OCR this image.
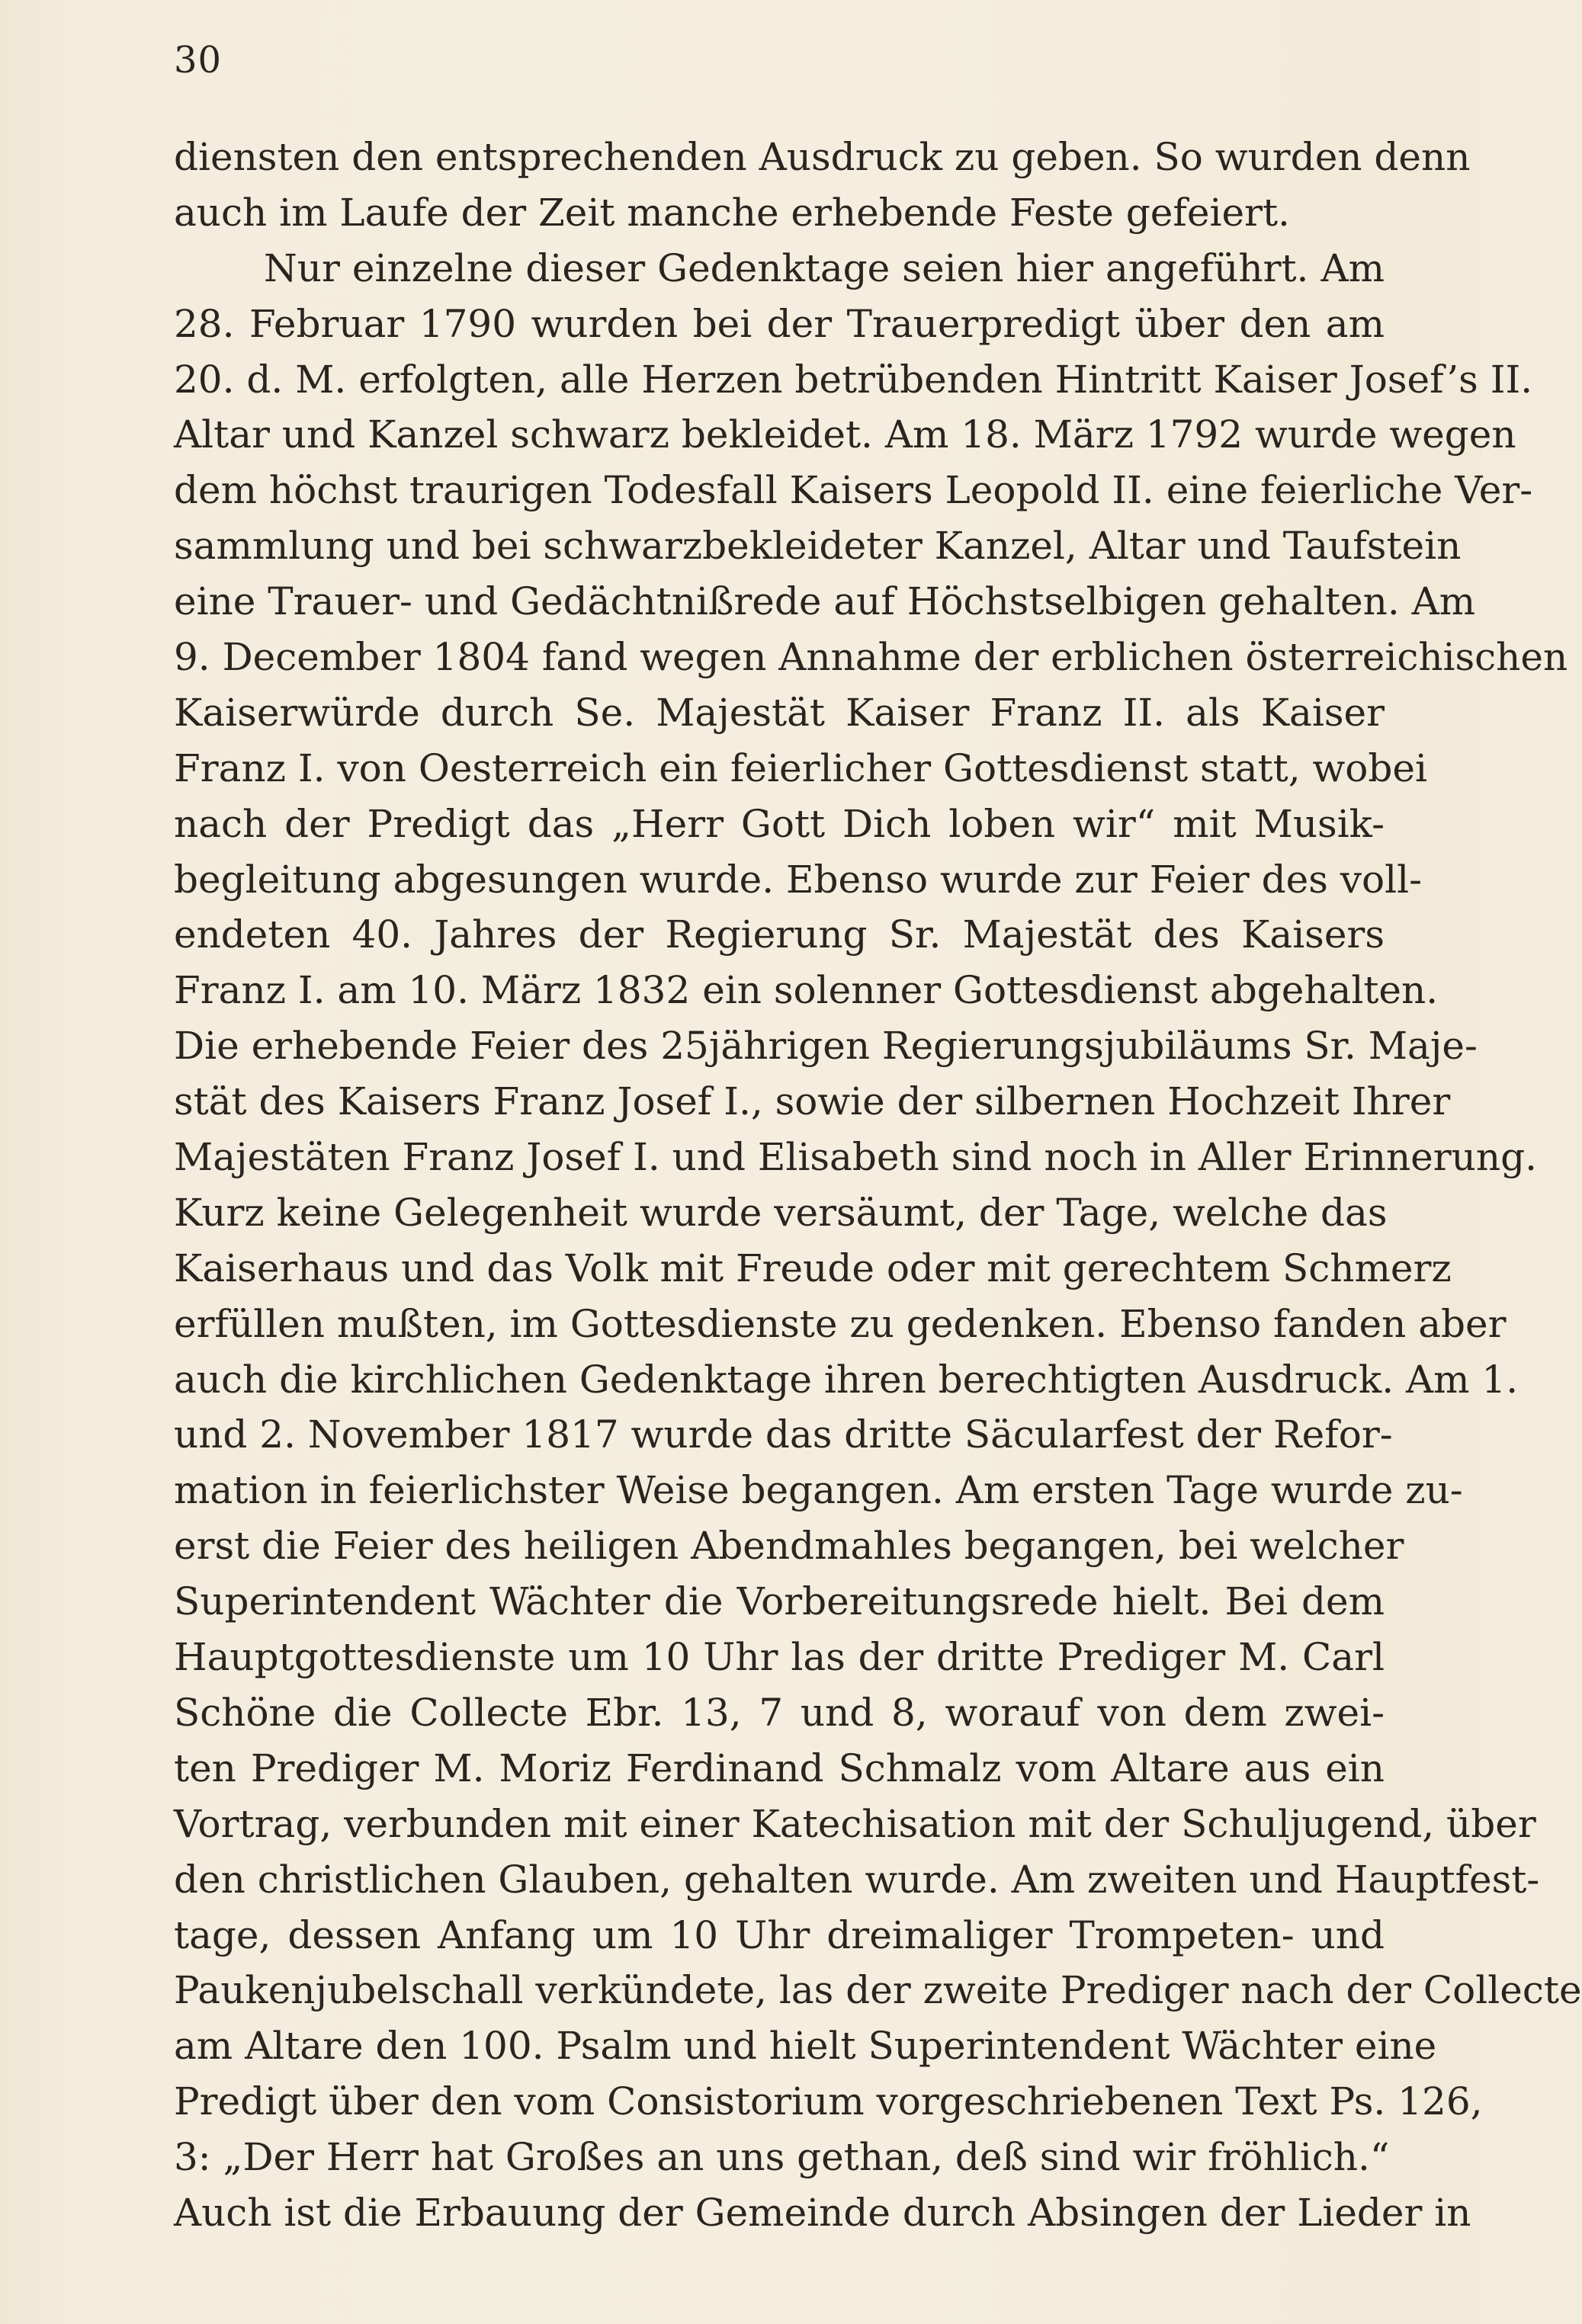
30
diensten den entsprechenden Ausdruck zu geben. So wurden denn
auch im Laufe der Zeit manche erhebende Feste gefeiert.
Nur einzelne dieser Gedenktage seien hier angeführt. Am
28. Februar 1790 wurden bei der Trauerpredigt über den am
20. d. M. erfolgten, alle Herzen betrübenden Hintritt Kaiser Josef’s II.
Altar und Kanzel schwarz bekleidet. Am 18. März 1792 wurde wegen
dem höchst traurigen Todesfall Kaisers Leopold II. eine feierliche Ver-
sammlung und bei schwarzbekleideter Kanzel, Altar und Taufstein
eine Trauer- und Gedächtnißrede auf Höchstselbigen gehalten. Am
9. December 1804 fand wegen Annahme der erblichen österreichischen
Kaiserwürde durch Se. Majestät Kaiser Franz II. als Kaiser
Franz I. von Oesterreich ein feierlicher Gottesdienst statt, wobei
nach der Predigt das „Herr Gott Dich loben wir“ mit Musik-
begleitung abgesungen wurde. Ebenso wurde zur Feier des voll-
endeten 40. Jahres der Regierung Sr. Majestät des Kaisers
Franz I. am 10. März 1832 ein solenner Gottesdienst abgehalten.
Die erhebende Feier des 25jährigen Regierungsjubiläums Sr. Maje-
stät des Kaisers Franz Josef I., sowie der silbernen Hochzeit Ihrer
Majestäten Franz Josef I. und Elisabeth sind noch in Aller Erinnerung.
Kurz keine Gelegenheit wurde versäumt, der Tage, welche das
Kaiserhaus und das Volk mit Freude oder mit gerechtem Schmerz
erfüllen mußten, im Gottesdienste zu gedenken. Ebenso fanden aber
auch die kirchlichen Gedenktage ihren berechtigten Ausdruck. Am 1.
und 2. November 1817 wurde das dritte Säcularfest der Refor-
mation in feierlichster Weise begangen. Am ersten Tage wurde zu-
erst die Feier des heiligen Abendmahles begangen, bei welcher
Superintendent Wächter die Vorbereitungsrede hielt. Bei dem
Hauptgottesdienste um 10 Uhr las der dritte Prediger M. Carl
Schöne die Collecte Ebr. 13, 7 und 8, worauf von dem zwei-
ten Prediger M. Moriz Ferdinand Schmalz vom Altare aus ein
Vortrag, verbunden mit einer Katechisation mit der Schuljugend, über
den christlichen Glauben, gehalten wurde. Am zweiten und Hauptfest-
tage, dessen Anfang um 10 Uhr dreimaliger Trompeten- und
Paukenjubelschall verkündete, las der zweite Prediger nach der Collecte
am Altare den 100. Psalm und hielt Superintendent Wächter eine
Predigt über den vom Consistorium vorgeschriebenen Text Ps. 126,
3: „Der Herr hat Großes an uns gethan, deß sind wir fröhlich.“
Auch ist die Erbauung der Gemeinde durch Absingen der Lieder in
